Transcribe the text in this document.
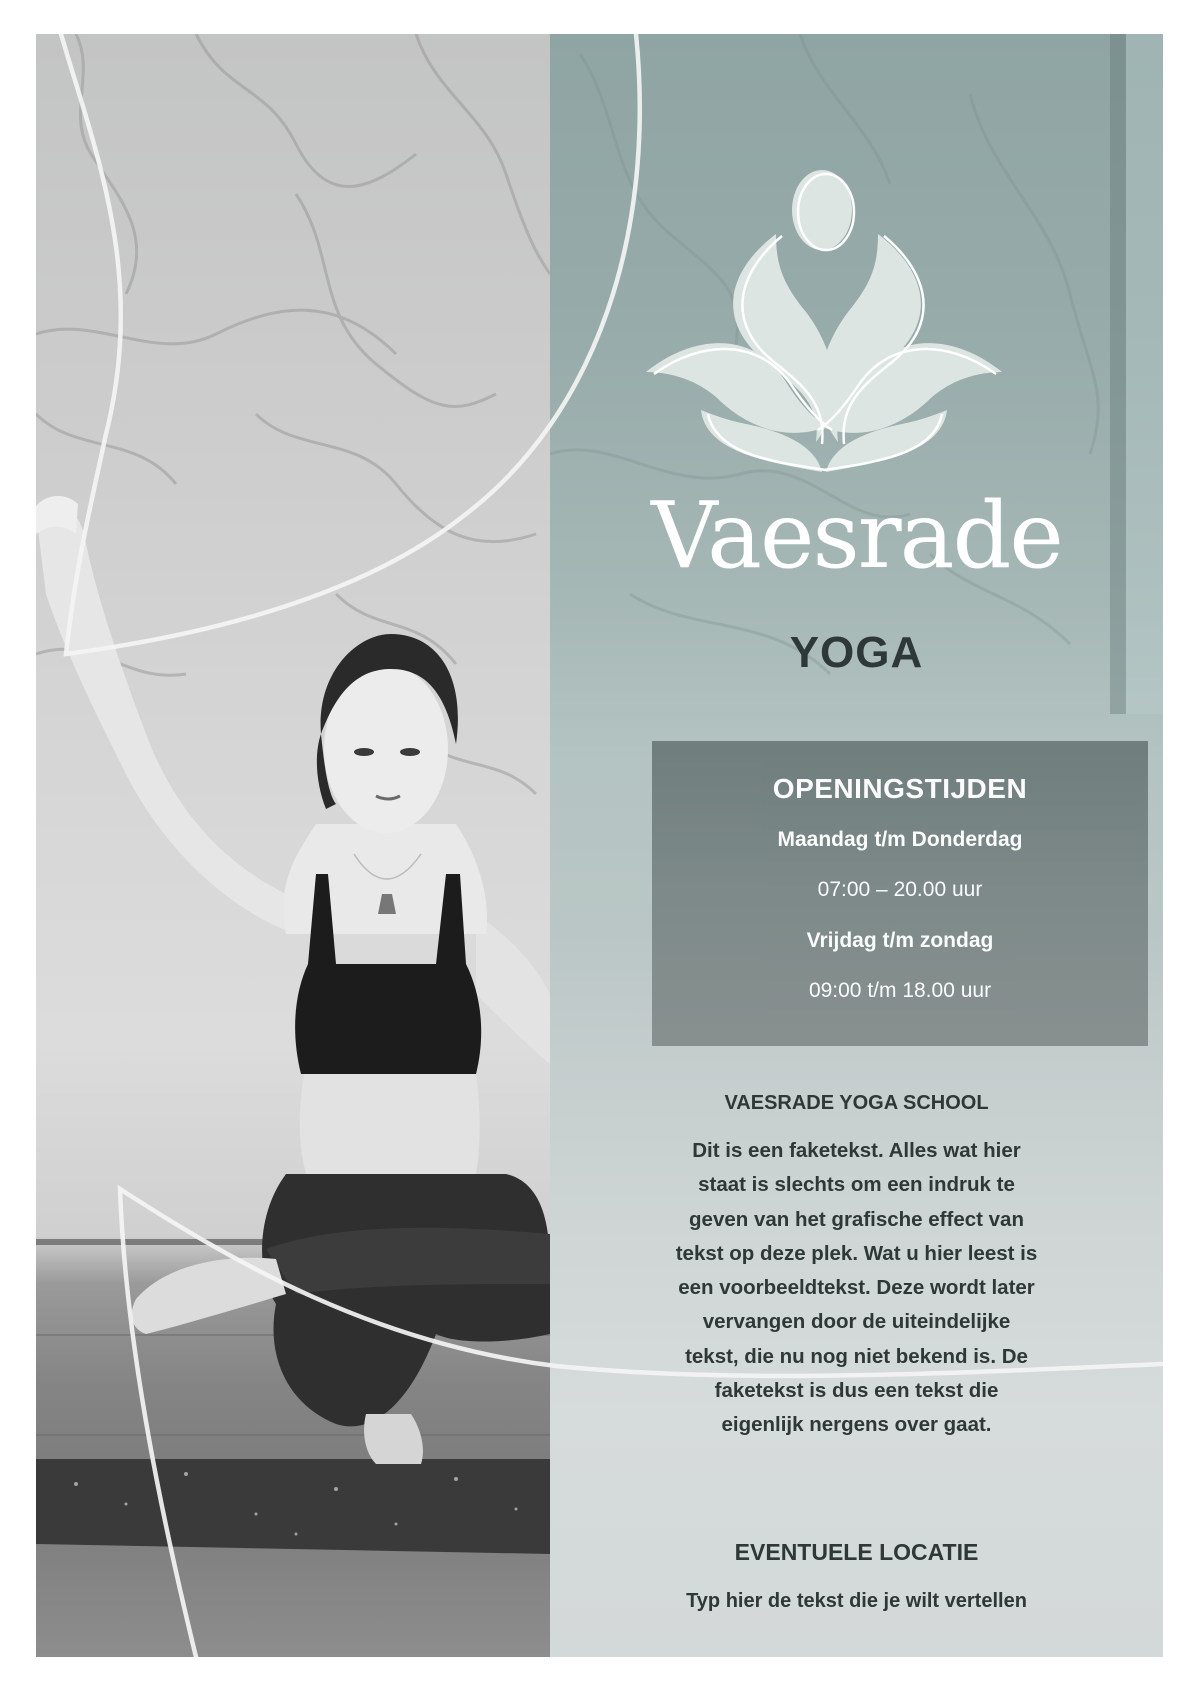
Vaesrade
YOGA
OPENINGSTIJDEN
Maandag t/m Donderdag
07:00 – 20.00 uur
Vrijdag t/m zondag
09:00 t/m 18.00 uur
VAESRADE YOGA SCHOOL
Dit is een faketekst. Alles wat hier
staat is slechts om een indruk te
geven van het grafische effect van
tekst op deze plek. Wat u hier leest is
een voorbeeldtekst. Deze wordt later
vervangen door de uiteindelijke
tekst, die nu nog niet bekend is. De
faketekst is dus een tekst die
eigenlijk nergens over gaat.
EVENTUELE LOCATIE
Typ hier de tekst die je wilt vertellen
